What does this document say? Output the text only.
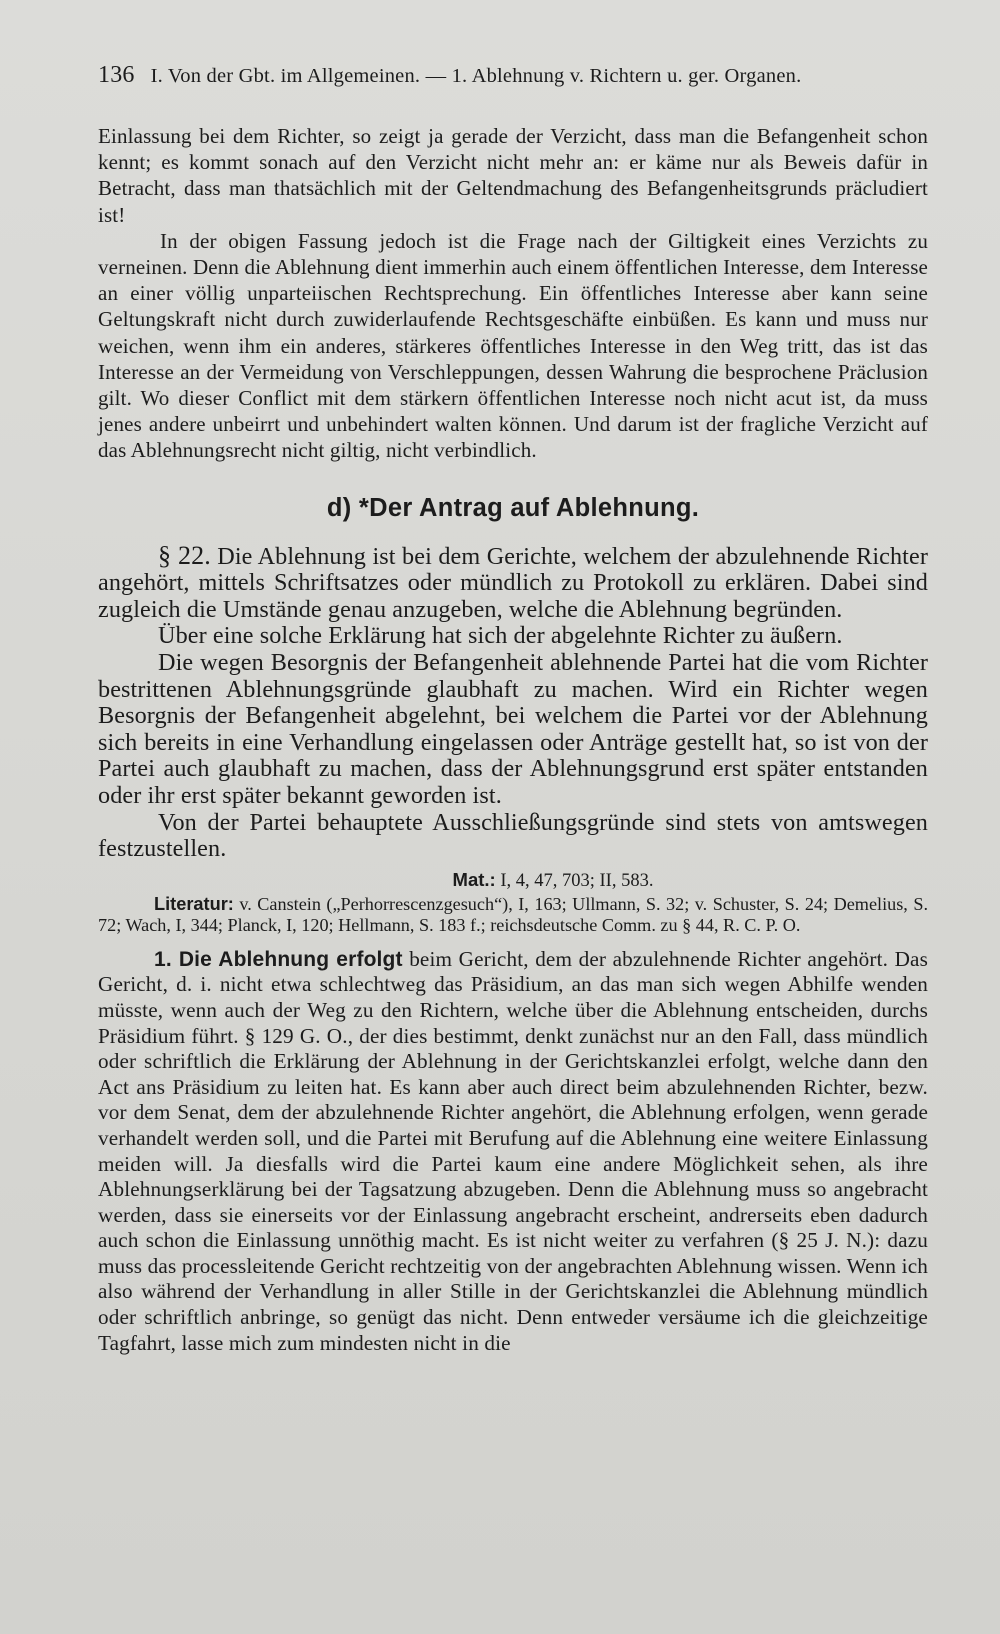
136 I. Von der Gbt. im Allgemeinen. — 1. Ablehnung v. Richtern u. ger. Organen.

Einlassung bei dem Richter, so zeigt ja gerade der Verzicht, dass man die Befangenheit schon kennt; es kommt sonach auf den Verzicht nicht mehr an: er käme nur als Beweis dafür in Betracht, dass man thatsächlich mit der Geltendmachung des Befangenheitsgrunds präcludiert ist!

In der obigen Fassung jedoch ist die Frage nach der Giltigkeit eines Verzichts zu verneinen. Denn die Ablehnung dient immerhin auch einem öffentlichen Interesse, dem Interesse an einer völlig unparteiischen Rechtsprechung. Ein öffentliches Interesse aber kann seine Geltungskraft nicht durch zuwiderlaufende Rechtsgeschäfte einbüßen. Es kann und muss nur weichen, wenn ihm ein anderes, stärkeres öffentliches Interesse in den Weg tritt, das ist das Interesse an der Vermeidung von Verschleppungen, dessen Wahrung die besprochene Präclusion gilt. Wo dieser Conflict mit dem stärkern öffentlichen Interesse noch nicht acut ist, da muss jenes andere unbeirrt und unbehindert walten können. Und darum ist der fragliche Verzicht auf das Ablehnungsrecht nicht giltig, nicht verbindlich.

d) *Der Antrag auf Ablehnung.

§ 22. Die Ablehnung ist bei dem Gerichte, welchem der abzulehnende Richter angehört, mittels Schriftsatzes oder mündlich zu Protokoll zu erklären. Dabei sind zugleich die Umstände genau anzugeben, welche die Ablehnung begründen.

Über eine solche Erklärung hat sich der abgelehnte Richter zu äußern.

Die wegen Besorgnis der Befangenheit ablehnende Partei hat die vom Richter bestrittenen Ablehnungsgründe glaubhaft zu machen. Wird ein Richter wegen Besorgnis der Befangenheit abgelehnt, bei welchem die Partei vor der Ablehnung sich bereits in eine Verhandlung eingelassen oder Anträge gestellt hat, so ist von der Partei auch glaubhaft zu machen, dass der Ablehnungsgrund erst später entstanden oder ihr erst später bekannt geworden ist.

Von der Partei behauptete Ausschließungsgründe sind stets von amtswegen festzustellen.

Mat.: I, 4, 47, 703; II, 583.

Literatur: v. Canstein („Perhorrescenzgesuch“), I, 163; Ullmann, S. 32; v. Schuster, S. 24; Demelius, S. 72; Wach, I, 344; Planck, I, 120; Hellmann, S. 183 f.; reichsdeutsche Comm. zu § 44, R. C. P. O.

1. Die Ablehnung erfolgt beim Gericht, dem der abzulehnende Richter angehört. Das Gericht, d. i. nicht etwa schlechtweg das Präsidium, an das man sich wegen Abhilfe wenden müsste, wenn auch der Weg zu den Richtern, welche über die Ablehnung entscheiden, durchs Präsidium führt. § 129 G. O., der dies bestimmt, denkt zunächst nur an den Fall, dass mündlich oder schriftlich die Erklärung der Ablehnung in der Gerichtskanzlei erfolgt, welche dann den Act ans Präsidium zu leiten hat. Es kann aber auch direct beim abzulehnenden Richter, bezw. vor dem Senat, dem der abzulehnende Richter angehört, die Ablehnung erfolgen, wenn gerade verhandelt werden soll, und die Partei mit Berufung auf die Ablehnung eine weitere Einlassung meiden will. Ja diesfalls wird die Partei kaum eine andere Möglichkeit sehen, als ihre Ablehnungserklärung bei der Tagsatzung abzugeben. Denn die Ablehnung muss so angebracht werden, dass sie einerseits vor der Einlassung angebracht erscheint, andrerseits eben dadurch auch schon die Einlassung unnöthig macht. Es ist nicht weiter zu verfahren (§ 25 J. N.): dazu muss das processleitende Gericht rechtzeitig von der angebrachten Ablehnung wissen. Wenn ich also während der Verhandlung in aller Stille in der Gerichtskanzlei die Ablehnung mündlich oder schriftlich anbringe, so genügt das nicht. Denn entweder versäume ich die gleichzeitige Tagfahrt, lasse mich zum mindesten nicht in die
